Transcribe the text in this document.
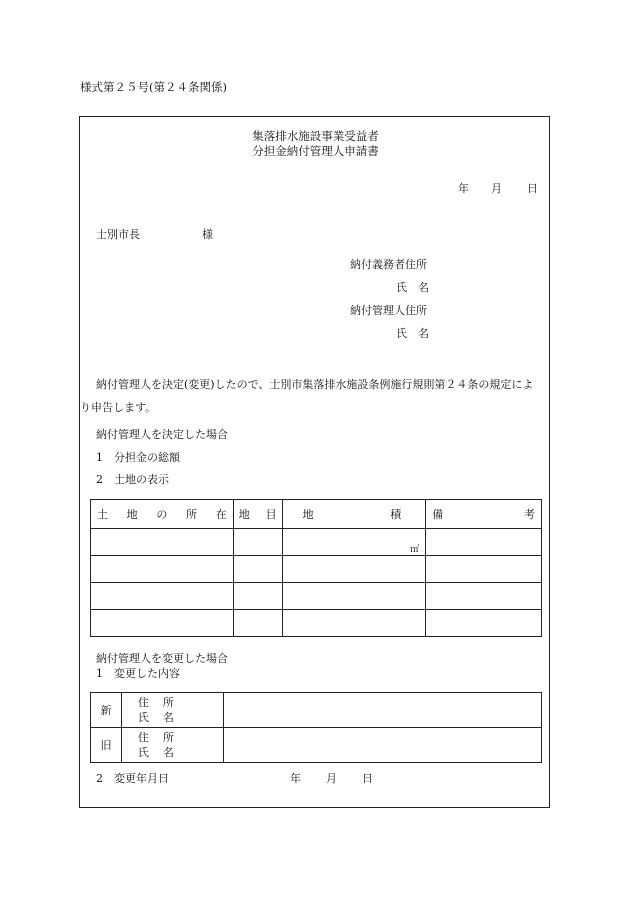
様式第２５号(第２４条関係)
集落排水施設事業受益者
分担金納付管理人申請書
年 月 日
士別市長	様
納付義務者住所
氏　名
納付管理人住所
氏　名
納付管理人を決定(変更)したので、士別市集落排水施設条例施行規則第２４条の規定によ
り申告します。
納付管理人を決定した場合
1　分担金の総額
2　土地の表示
土 地 の 所 在	地 目	地 積	備 考

		㎡	

納付管理人を変更した場合
1　変更した内容
新	住 所
氏 名	

旧	住 所
氏 名	

2　変更年月日	年 月 日
